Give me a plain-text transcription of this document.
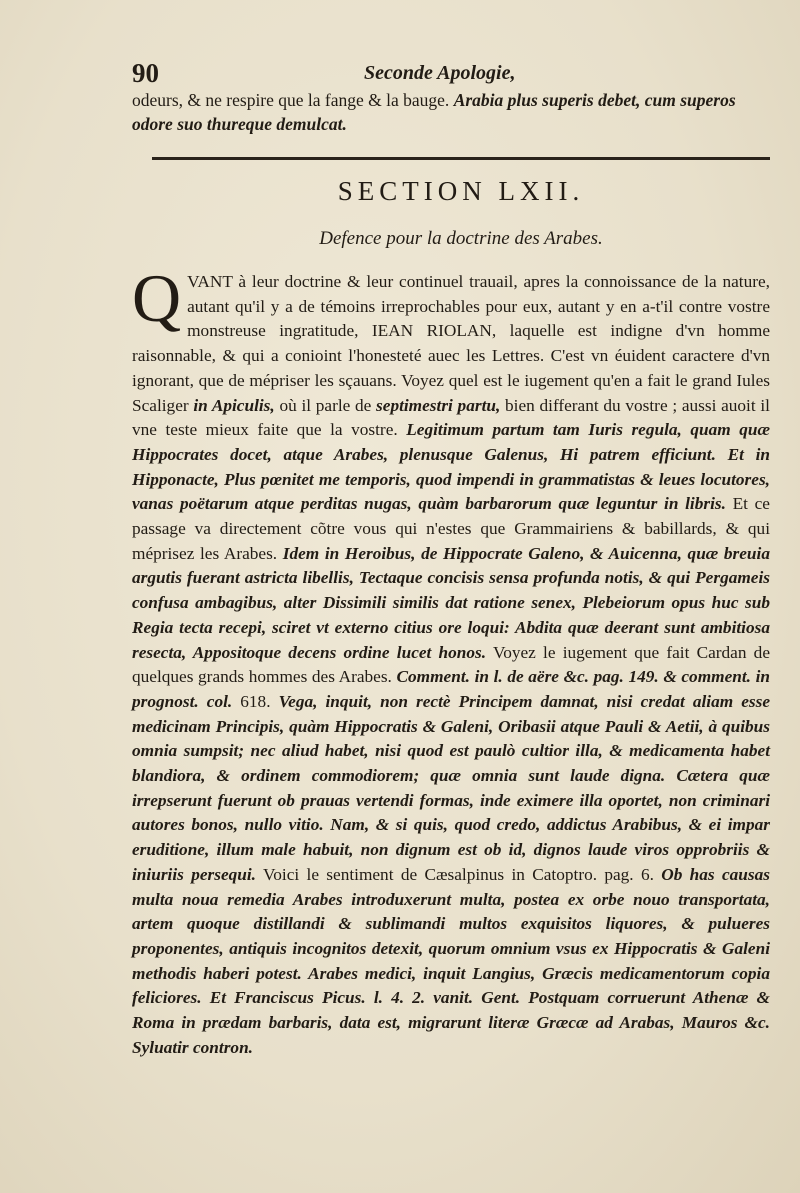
90	Seconde Apologie,
odeurs, & ne respire que la fange & la bauge. Arabia plus superis debet, cum superos odore suo thureque demulcat.
SECTION LXII.
Defence pour la doctrine des Arabes.
Q VANT à leur doctrine & leur continuel trauail, apres la connoissance de la nature, autant qu'il y a de témoins irreprochables pour eux, autant y en a-t'il contre vostre monstreuse ingratitude, IEAN RIOLAN, laquelle est indigne d'vn homme raisonnable, & qui a conioint l'honesteté auec les Lettres. C'est vn éuident caractere d'vn ignorant, que de mépriser les sçauans. Voyez quel est le iugement qu'en a fait le grand Iules Scaliger in Apiculis, où il parle de septimestri partu, bien differant du vostre ; aussi auoit il vne teste mieux faite que la vostre. Legitimum partum tam Iuris regula, quam quæ Hippocrates docet, atque Arabes, plenusque Galenus, Hi patrem efficiunt. Et in Hipponacte, Plus pœnitet me temporis, quod impendi in grammatistas & leues locutores, vanas poëtarum atque perditas nugas, quàm barbarorum quæ leguntur in libris. Et ce passage va directement cõtre vous qui n'estes que Grammairiens & babillards, & qui méprisez les Arabes. Idem in Heroibus, de Hippocrate Galeno, & Auicenna, quæ breuia argutis fuerant astricta libellis, Tectaque concisis sensa profunda notis, & qui Pergameis confusa ambagibus, alter Dissimili similis dat ratione senex, Plebeiorum opus huc sub Regia tecta recepi, sciret vt externo citius ore loqui: Abdita quæ deerant sunt ambitiosa resecta, Appositoque decens ordine lucet honos. Voyez le iugement que fait Cardan de quelques grands hommes des Arabes. Comment. in l. de aëre &c. pag. 149. & comment. in prognost. col. 618. Vega, inquit, non rectè Principem damnat, nisi credat aliam esse medicinam Principis, quàm Hippocratis & Galeni, Oribasii atque Pauli & Aetii, à quibus omnia sumpsit; nec aliud habet, nisi quod est paulò cultior illa, & medicamenta habet blandiora, & ordinem commodiorem; quæ omnia sunt laude digna. Cætera quæ irrepserunt fuerunt ob prauas vertendi formas, inde eximere illa oportet, non criminari autores bonos, nullo vitio. Nam, & si quis, quod credo, addictus Arabibus, & ei impar eruditione, illum male habuit, non dignum est ob id, dignos laude viros opprobriis & iniuriis persequi. Voici le sentiment de Cæsalpinus in Catoptro. pag. 6. Ob has causas multa noua remedia Arabes introduxerunt multa, postea ex orbe nouo transportata, artem quoque distillandi & sublimandi multos exquisitos liquores, & pulueres proponentes, antiquis incognitos detexit, quorum omnium vsus ex Hippocratis & Galeni methodis haberi potest. Arabes medici, inquit Langius, Græcis medicamentorum copia feliciores. Et Franciscus Picus. l. 4. 2. vanit. Gent. Postquam corruerunt Athenæ & Roma in prædam barbaris, data est, migrarunt literæ Græcæ ad Arabas, Mauros &c. Syluatir contron.
